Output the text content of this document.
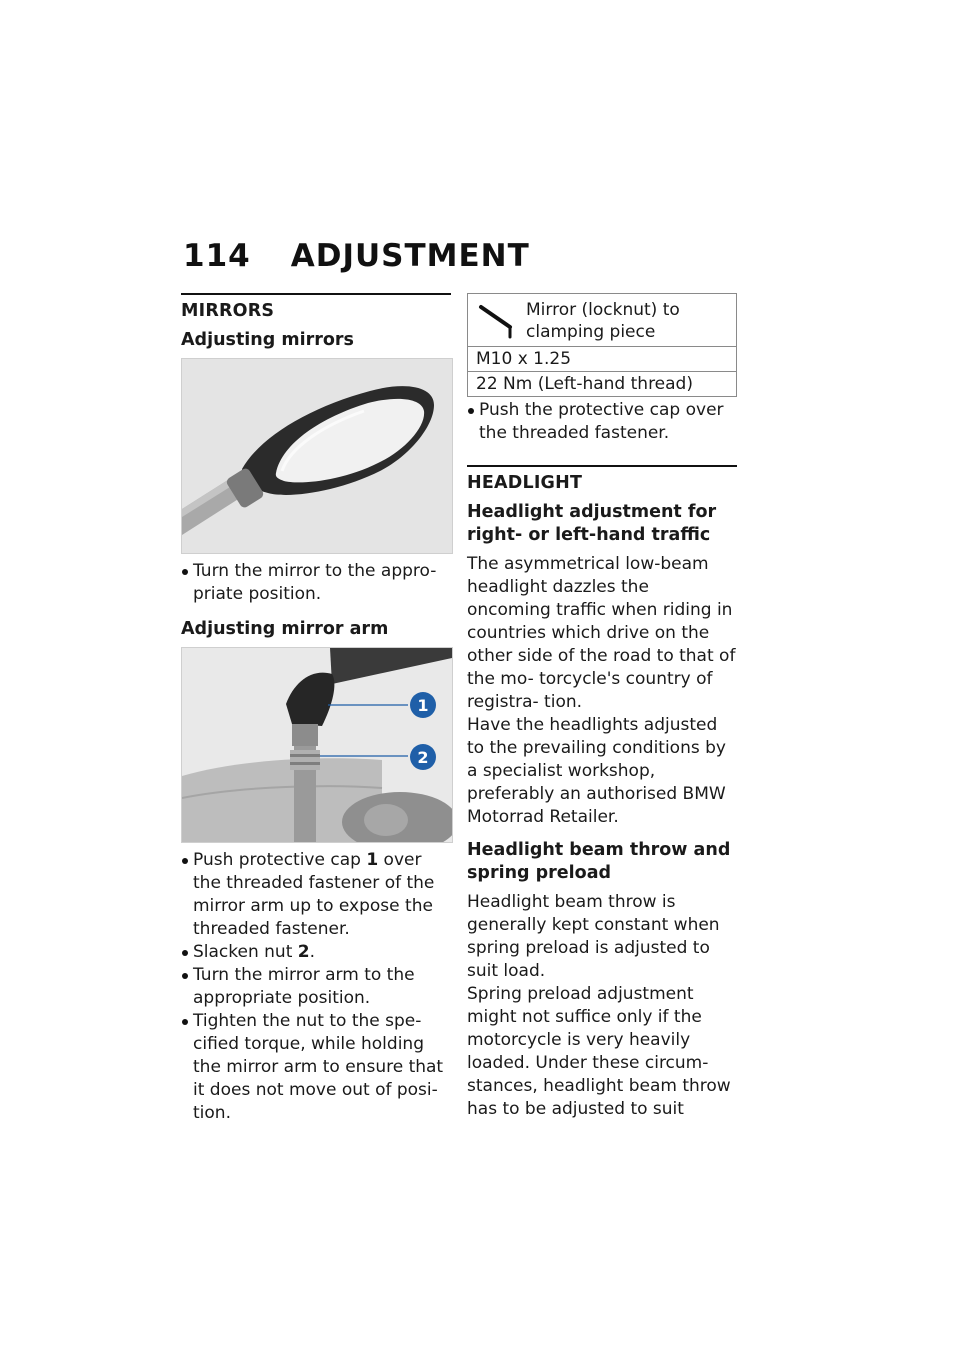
114 ADJUSTMENT
MIRRORS
Adjusting mirrors
Turn the mirror to the appro- priate position.
Adjusting mirror arm
1
2
Push protective cap 1 over the threaded fastener of the mirror arm up to expose the threaded fastener.
Slacken nut 2.
Turn the mirror arm to the appropriate position.
Tighten the nut to the spe- cified torque, while holding the mirror arm to ensure that it does not move out of posi- tion.
Mirror (locknut) to clamping piece

M10 x 1.25
22 Nm (Left-hand thread)
Push the protective cap over the threaded fastener.
HEADLIGHT
Headlight adjustment for right- or left-hand traffic
The asymmetrical low-beam headlight dazzles the oncoming traffic when riding in countries which drive on the other side of the road to that of the mo- torcycle's country of registra- tion.
Have the headlights adjusted to the prevailing conditions by a specialist workshop, preferably an authorised BMW Motorrad Retailer.
Headlight beam throw and spring preload
Headlight beam throw is generally kept constant when spring preload is adjusted to suit load.
Spring preload adjustment might not suffice only if the motorcycle is very heavily loaded. Under these circum- stances, headlight beam throw has to be adjusted to suit
